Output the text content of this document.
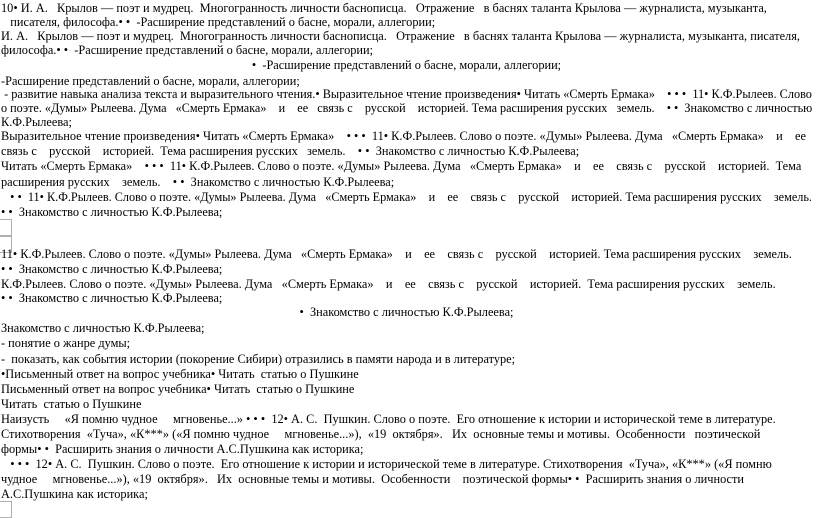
10• И. А.   Крылов — поэт и мудрец.  Многогранность личности баснописца.   Отражение   в баснях таланта Крылова — журналиста, музыканта,
писателя, философа.• •  -Расширение представлений о басне, морали, аллегории;
И. А.   Крылов — поэт и мудрец.  Многогранность личности баснописца.   Отражение   в баснях таланта Крылова — журналиста, музыканта, писателя,
философа.• •  -Расширение представлений о басне, морали, аллегории;
•  -Расширение представлений о басне, морали, аллегории;
-Расширение представлений о басне, морали, аллегории;
- развитие навыка анализа текста и выразительного чтения.• Выразительное чтение произведения• Читать «Смерть Ермака»    • • •  11• К.Ф.Рылеев. Слово
о поэте. «Думы» Рылеева. Дума   «Смерть Ермака»    и    ее   связь с    русской    историей. Тема расширения русских   земель.    • •  Знакомство с личностью
К.Ф.Рылеева;
Выразительное чтение произведения• Читать «Смерть Ермака»    • • •  11• К.Ф.Рылеев. Слово о поэте. «Думы» Рылеева. Дума   «Смерть Ермака»    и    ее
связь с    русской    историей.  Тема расширения русских   земель.    • •  Знакомство с личностью К.Ф.Рылеева;
Читать «Смерть Ермака»    • • •  11• К.Ф.Рылеев. Слово о поэте. «Думы» Рылеева. Дума   «Смерть Ермака»    и    ее    связь с    русской    историей.  Тема
расширения русских    земель.    • •  Знакомство с личностью К.Ф.Рылеева;
• •  11• К.Ф.Рылеев. Слово о поэте. «Думы» Рылеева. Дума   «Смерть Ермака»    и    ее    связь с    русской    историей. Тема расширения русских    земель.
• •  Знакомство с личностью К.Ф.Рылеева;
11• К.Ф.Рылеев. Слово о поэте. «Думы» Рылеева. Дума   «Смерть Ермака»    и    ее    связь с    русской    историей. Тема расширения русских    земель.
• •  Знакомство с личностью К.Ф.Рылеева;
К.Ф.Рылеев. Слово о поэте. «Думы» Рылеева. Дума   «Смерть Ермака»    и    ее    связь с    русской    историей.  Тема расширения русских    земель.
• •  Знакомство с личностью К.Ф.Рылеева;
•  Знакомство с личностью К.Ф.Рылеева;
Знакомство с личностью К.Ф.Рылеева;
- понятие о жанре думы;
-  показать, как события истории (покорение Сибири) отразились в памяти народа и в литературе;
•Письменный ответ на вопрос учебника• Читать  статью о Пушкине
Письменный ответ на вопрос учебника• Читать  статью о Пушкине
Читать  статью о Пушкине
Наизусть     «Я помню чудное     мгновенье...» • • •  12• А. С.  Пушкин. Слово о поэте.  Его отношение к истории и исторической теме в литературе.
Стихотворения  «Туча», «К***» («Я помню чудное     мгновенье...»),  «19  октября».   Их  основные темы и мотивы.  Особенности   поэтической
формы• •  Расширить знания о личности А.С.Пушкина как историка;
• • •  12• А. С.  Пушкин. Слово о поэте.  Его отношение к истории и исторической теме в литературе. Стихотворения  «Туча», «К***» («Я помню
чудное     мгновенье...»), «19  октября».   Их  основные темы и мотивы.  Особенности    поэтической формы• •  Расширить знания о личности
А.С.Пушкина как историка;
